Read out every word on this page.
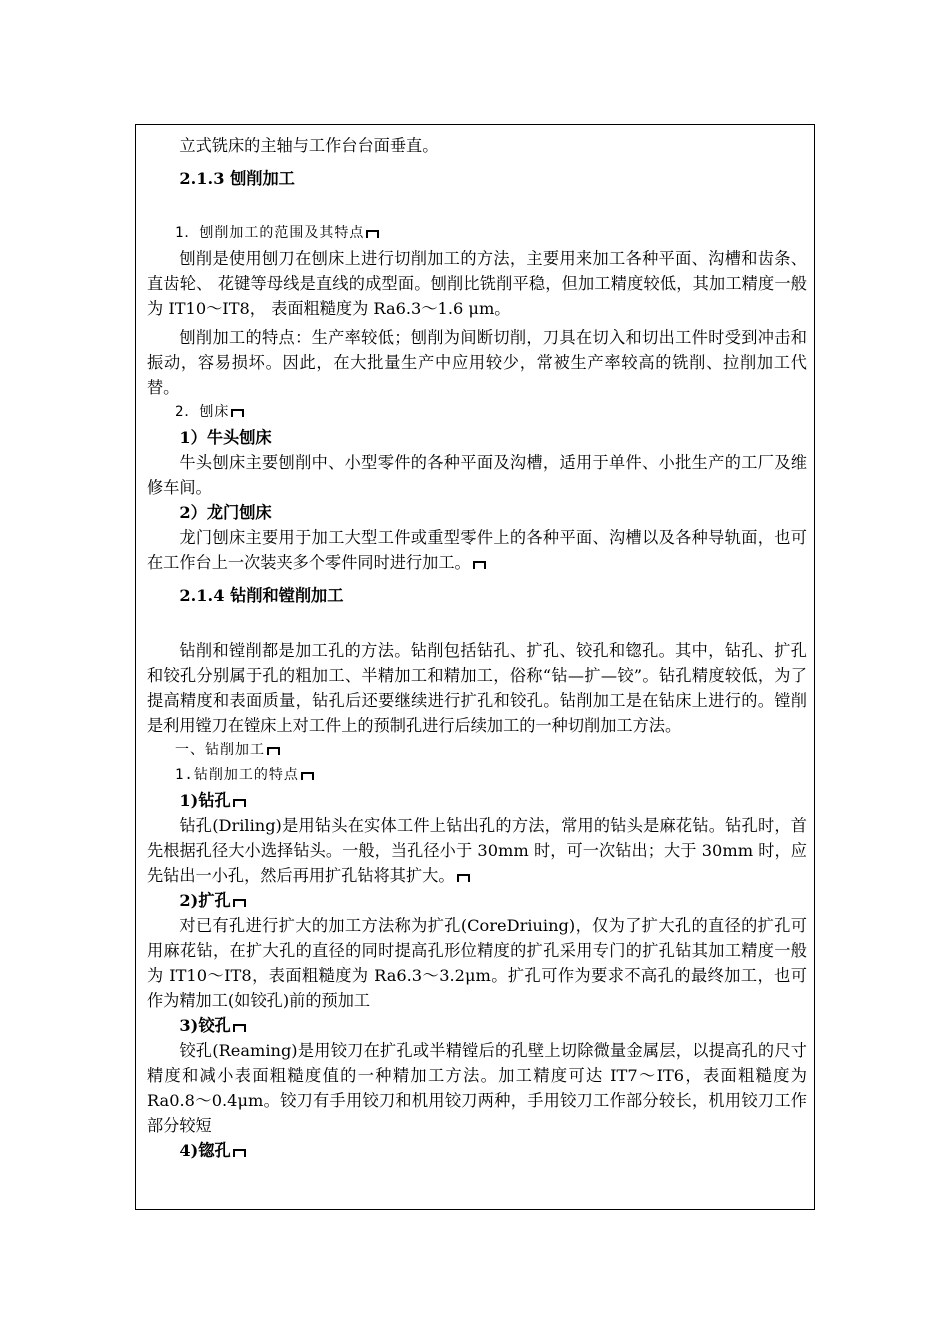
立式铣床的主轴与工作台台面垂直。

2.1.3 刨削加工

1．刨削加工的范围及其特点

刨削是使用刨刀在刨床上进行切削加工的方法，主要用来加工各种平面、沟槽和齿条、直齿轮、 花键等母线是直线的成型面。刨削比铣削平稳，但加工精度较低，其加工精度一般为 IT10～IT8， 表面粗糙度为 Ra6.3～1.6 μm。

刨削加工的特点：生产率较低；刨削为间断切削，刀具在切入和切出工件时受到冲击和振动，容易损坏。因此，在大批量生产中应用较少，常被生产率较高的铣削、拉削加工代替。

2．刨床

1）牛头刨床

牛头刨床主要刨削中、小型零件的各种平面及沟槽，适用于单件、小批生产的工厂及维修车间。

2）龙门刨床

龙门刨床主要用于加工大型工件或重型零件上的各种平面、沟槽以及各种导轨面，也可在工作台上一次装夹多个零件同时进行加工。

2.1.4 钻削和镗削加工

钻削和镗削都是加工孔的方法。钻削包括钻孔、扩孔、铰孔和锪孔。其中，钻孔、扩孔和铰孔分别属于孔的粗加工、半精加工和精加工，俗称“钻—扩—铰”。钻孔精度较低，为了提高精度和表面质量，钻孔后还要继续进行扩孔和铰孔。钻削加工是在钻床上进行的。镗削是利用镗刀在镗床上对工件上的预制孔进行后续加工的一种切削加工方法。

一、钻削加工

1.钻削加工的特点

1)钻孔

钻孔(Driling)是用钻头在实体工件上钻出孔的方法，常用的钻头是麻花钻。钻孔时，首先根据孔径大小选择钻头。一般，当孔径小于 30mm 时，可一次钻出；大于 30mm 时，应先钻出一小孔，然后再用扩孔钻将其扩大。

2)扩孔

对已有孔进行扩大的加工方法称为扩孔(CoreDriuing)，仅为了扩大孔的直径的扩孔可用麻花钻，在扩大孔的直径的同时提高孔形位精度的扩孔采用专门的扩孔钻其加工精度一般为 IT10～IT8，表面粗糙度为 Ra6.3～3.2μm。扩孔可作为要求不高孔的最终加工，也可作为精加工(如铰孔)前的预加工

3)铰孔

铰孔(Reaming)是用铰刀在扩孔或半精镗后的孔壁上切除微量金属层，以提高孔的尺寸精度和减小表面粗糙度值的一种精加工方法。加工精度可达 IT7～IT6，表面粗糙度为 Ra0.8～0.4μm。铰刀有手用铰刀和机用铰刀两种，手用铰刀工作部分较长，机用铰刀工作部分较短

4)锪孔
